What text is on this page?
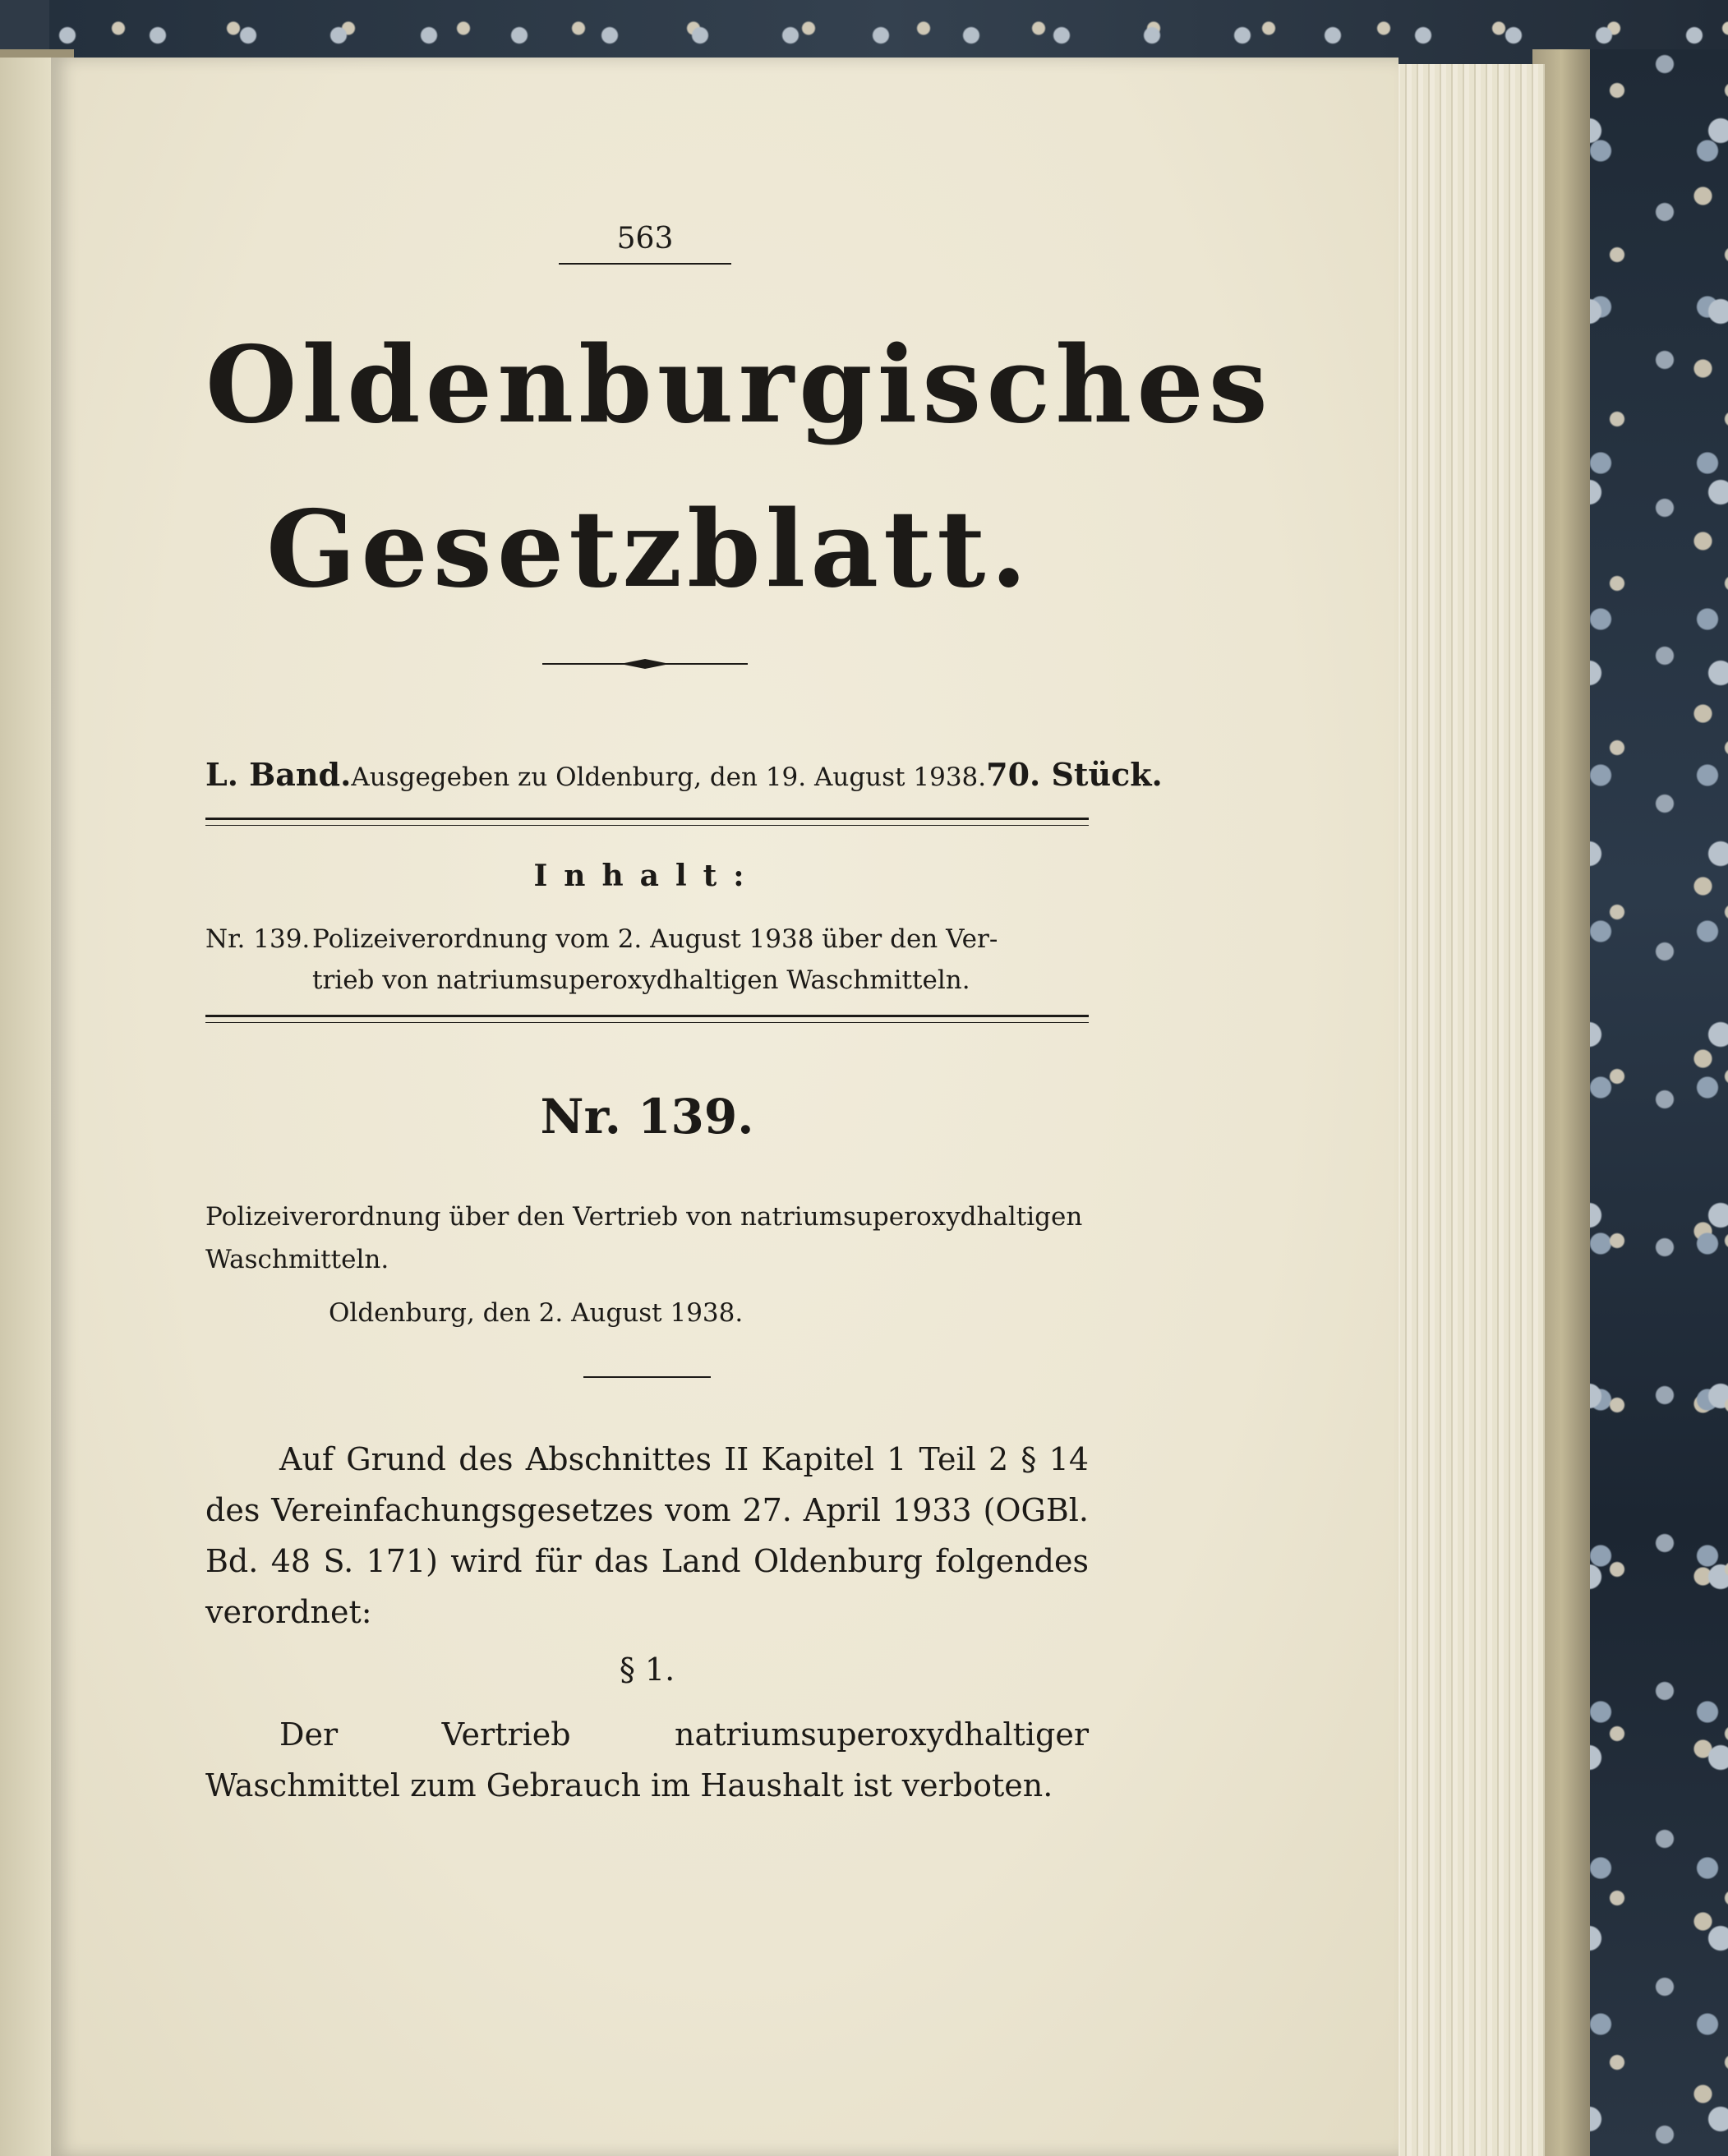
563
Oldenburgisches
Gesetzblatt.
L. Band. Ausgegeben zu Oldenburg, den 19. August 1938. 70. Stück.
Inhalt:
Nr. 139.Polizeiverordnung vom 2. August 1938 über den Ver-
trieb von natriumsuperoxydhaltigen Waschmitteln.
Nr. 139.
Polizeiverordnung über den Vertrieb von natriumsuperoxydhaltigen Waschmitteln.
Oldenburg, den 2. August 1938.
Auf Grund des Abschnittes II Kapitel 1 Teil 2 § 14 des Vereinfachungsgesetzes vom 27. April 1933 (OGBl. Bd. 48 S. 171) wird für das Land Oldenburg folgendes verordnet:
§ 1.
Der Vertrieb natriumsuperoxydhaltiger Waschmittel zum Gebrauch im Haushalt ist verboten.
